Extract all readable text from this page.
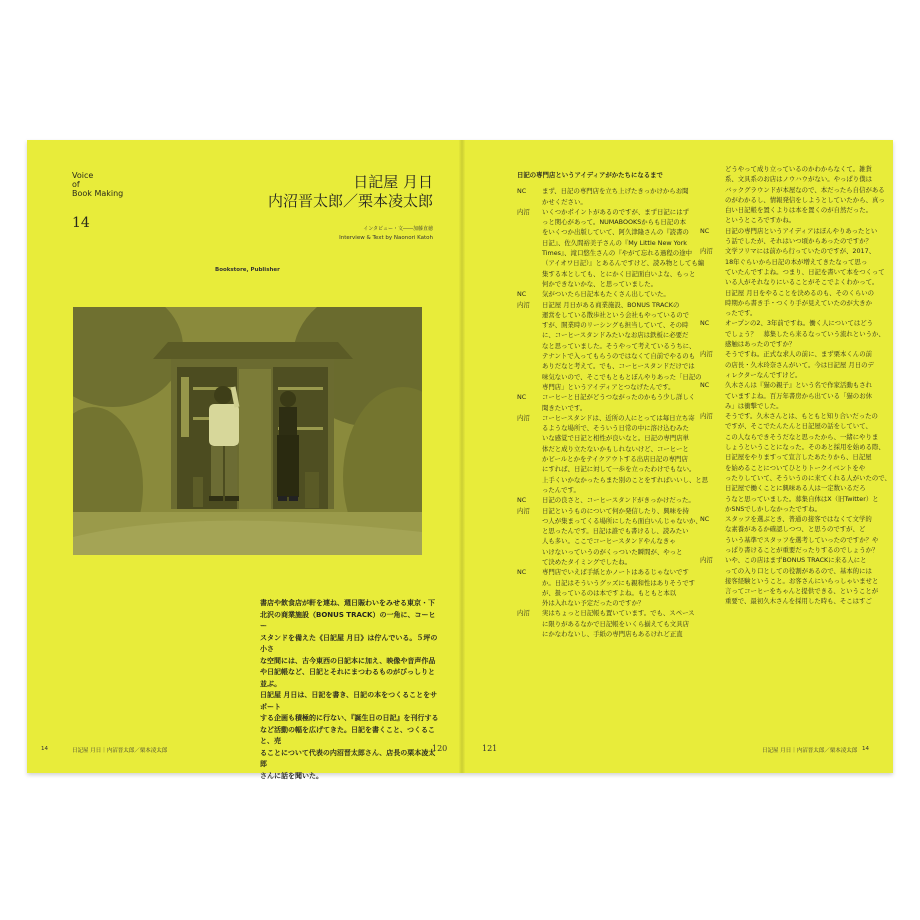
Voice
of
Book Making
14
日記屋 月日
内沼晋太郎／栗本凌太郎
インタビュー・文――加藤直徳
Interview & Text by Naonori Katoh
Bookstore, Publisher
書店や飲食店が軒を連ね、週日賑わいをみせる東京・下
北沢の商業施設（BONUS TRACK）の一角に、コーヒー
スタンドを備えた《日記屋 月日》は佇んでいる。５坪の小さ
な空間には、古今東西の日記本に加え、映像や音声作品
や日記帳など、日記とそれにまつわるものがびっしりと並ぶ。
日記屋 月日は、日記を書き、日記の本をつくることをサポート
する企画も積極的に行ない、『誕生日の日記』を刊行する
など活動の幅を広げてきた。日記を書くこと、つくること、売
ることについて代表の内沼晋太郎さん、店長の栗本凌太郎
さんに話を聞いた。
14	日記屋 月日｜内沼晋太郎／栗本凌太郎	120
日記の専門店というアイディアがかたちになるまで
NC	まず、日記の専門店を立ち上げたきっかけからお聞
かせください。
内沼	いくつかポイントがあるのですが、まず日記にはず
っと関心があって。NUMABOOKSからも日記の本
をいくつか出版していて、阿久津隆さんの『読書の
日記』、佐久間裕美子さんの『My Little New York
Times』、滝口悠生さんの『やがて忘れる過程の途中
（アイオワ日記）』とあるんですけど、読み物としても編
集する本としても、とにかく日記面白いよな、もっと
何かできないかな、と思っていました。
NC	気がついたら日記本もたくさん出していた。
内沼	日記屋 月日がある商業施設、BONUS TRACKの
運営をしている散歩社という会社もやっているので
すが、開業時のリーシングも担当していて、その時
に、コーヒースタンドみたいなお店は鉄板に必要だ
なと思っていました。そうやって考えているうちに、
テナントで入ってもらうのではなくて自前でやるのも
ありだなと考えて。でも、コーヒースタンドだけでは
味気ないので、そこでもともとぼんやりあった「日記の
専門店」というアイディアとつなげたんです。
NC	コーヒーと日記がどうつながったのかもう少し詳しく
聞きたいです。
内沼	コーヒースタンドは、近所の人にとっては毎日立ち寄
るような場所で、そういう日常の中に溶け込むみた
いな感覚で日記と相性が良いなと。日記の専門店単
体だと成り立たないかもしれないけど、コーヒーと
かビールとかをテイクアウトする出店日記の専門店
にすれば、日記に対して一歩を立ったわけでもない。
上手くいかなかったらまた別のことをすればいいし、と思
ったんです。
NC	日記の良さと、コーヒースタンドがきっかけだった。
内沼	日記というものについて何か発信したり、興味を持
つ人が集まってくる場所にしたら面白いんじゃないか、
と思ったんです。日記は誰でも書けるし、読みたい
人も多い。ここでコーヒースタンドやんなきゃ
いけないっていうのがくっついた瞬間が、やっと
て決めたタイミングでしたね。
NC	専門店でいえば手紙とかノートはあるじゃないです
か。日記はそういうグッズにも親和性はありそうです
が、扱っているのは本ですよね。もともと本以
外は入れない予定だったのですか？
内沼	実はちょっと日記帳も置いています。でも、スペース
に限りがあるなかで日記帳をいくら揃えても文具店
にかなわないし、手紙の専門店もあるけれど正直
どうやって成り立っているのかわからなくて。雑貨
系、文具系のお店はノウハウがない。やっぱり僕は
バックグラウンドが本屋なので、本だったら自信がある
のがわかるし、情報発信をしようとしていたから、真っ
白い日記帳を置くよりは本を置くのが自然だった。
というところですかね。
NC	日記の専門店というアイディアはぼんやりあったとい
う話でしたが、それはいつ頃からあったのですか？
内沼	文学フリマには前から行っていたのですが、2017、
18年ぐらいから日記の本が増えてきたなって思っ
ていたんですよね。つまり、日記を書いて本をつくって
いる人がそれなりにいることがそこでよくわかって。
日記屋 月日をやることを決めるのも、そのくらいの
時期から書き手・つくり手が見えていたのが大きか
ったです。
NC	オープンの2、3年前ですね。働く人についてはどう
でしょう？　募集したら来るなっていう流れというか、
感触はあったのですか？
内沼	そうですね。正式な求人の前に、まず栗本くんの前
の店長・久木玲奈さんがいて。今は日記屋 月日のデ
ィレクターなんですけど。
NC	久木さんは『猫の親子』という名で作家活動もされ
ていますよね。百万年書房から出ている「猫のお休
み」は衝撃でした。
内沼	そうです。久木さんとは、もともと知り合いだったの
ですが、そこでたんたんと日記屋の話をしていて、
この人ならできそうだなと思ったから、一緒にやりま
しょうということになった。そのあと採用を始める際、
日記屋をやりますって宣言したあたりから、日記屋
を始めることについてひとりトークイベントをや
ったりしていて、そういうのに来てくれる人がいたので、
日記屋で働くことに興味ある人は一定数いるだろ
うなと思っていました。募集自体はX（旧Twitter）と
かSNSでしかしなかったですね。
NC	スタッフを選ぶとき、普通の接客ではなくて文学的
な素養があるか確認しつつ、と思うのですが、ど
ういう基準でスタッフを選考していったのですか？や
っぱり書けることが重要だったりするのでしょうか？
内沼	いや、この店はまずBONUS TRACKに来る人にと
っての入り口としての役割があるので、基本的には
接客経験ということ。お客さんにいらっしゃいませと
言ってコーヒーをちゃんと提供できる、ということが
重要で、最初久木さんを採用した時も、そこはすご
121	日記屋 月日｜内沼晋太郎／栗本凌太郎 14
